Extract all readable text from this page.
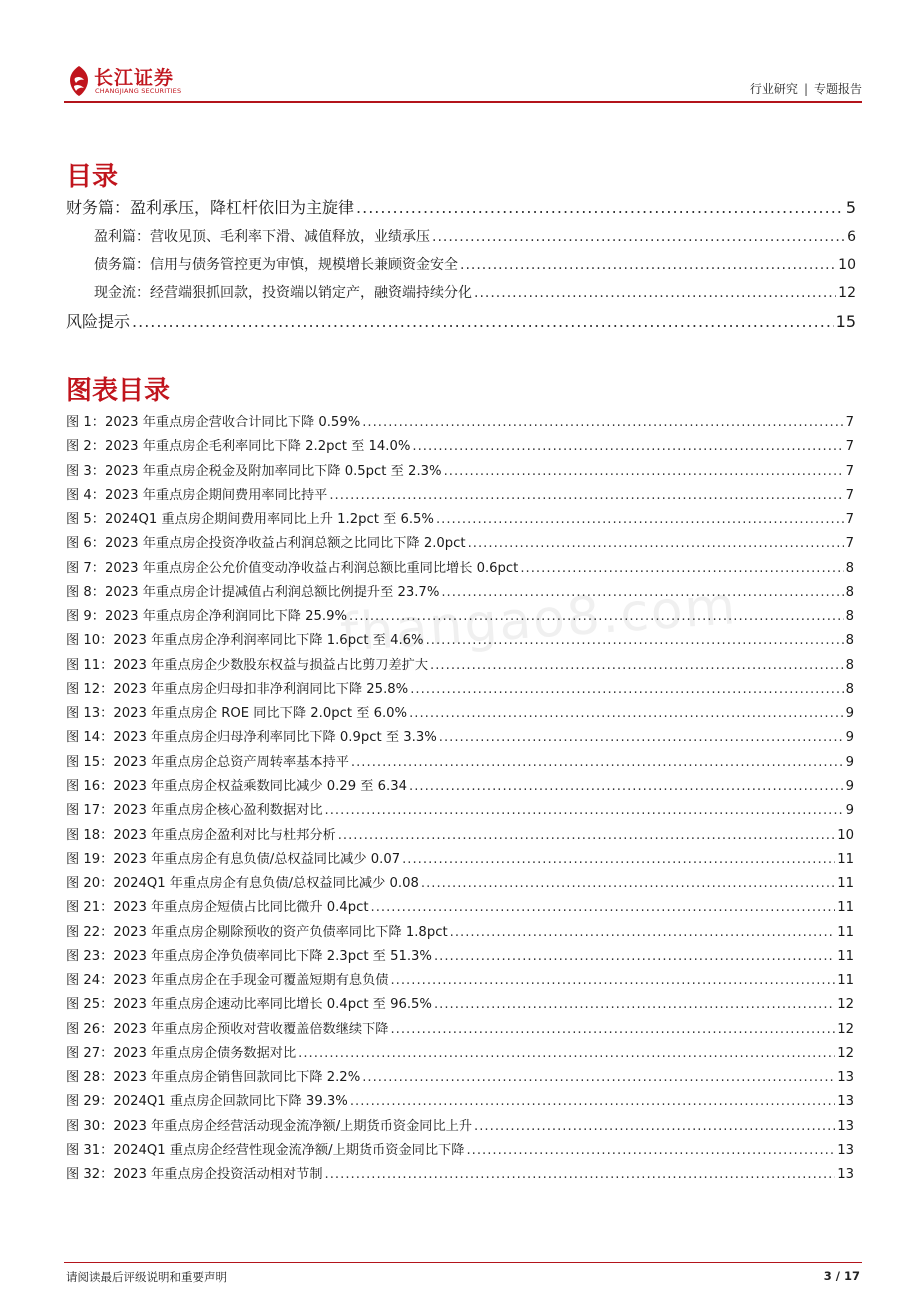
长江证券
CHANGJIANG SECURITIES	行业研究 | 专题报告
目录
财务篇：盈利承压，降杠杆依旧为主旋律 .....	5
盈利篇：营收见顶、毛利率下滑、减值释放，业绩承压 .....	6
债务篇：信用与债务管控更为审慎，规模增长兼顾资金安全 .....	10
现金流：经营端狠抓回款，投资端以销定产，融资端持续分化 .....	12
风险提示 .....	15
图表目录
图 1：2023 年重点房企营收合计同比下降 0.59% .....	7
图 2：2023 年重点房企毛利率同比下降 2.2pct 至 14.0% .....	7
图 3：2023 年重点房企税金及附加率同比下降 0.5pct 至 2.3% .....	7
图 4：2023 年重点房企期间费用率同比持平 .....	7
图 5：2024Q1 重点房企期间费用率同比上升 1.2pct 至 6.5% .....	7
图 6：2023 年重点房企投资净收益占利润总额之比同比下降 2.0pct .....	7
图 7：2023 年重点房企公允价值变动净收益占利润总额比重同比增长 0.6pct .....	8
图 8：2023 年重点房企计提减值占利润总额比例提升至 23.7% .....	8
图 9：2023 年重点房企净利润同比下降 25.9% .....	8
图 10：2023 年重点房企净利润率同比下降 1.6pct 至 4.6% .....	8
图 11：2023 年重点房企少数股东权益与损益占比剪刀差扩大 .....	8
图 12：2023 年重点房企归母扣非净利润同比下降 25.8% .....	8
图 13：2023 年重点房企 ROE 同比下降 2.0pct 至 6.0% .....	9
图 14：2023 年重点房企归母净利率同比下降 0.9pct 至 3.3% .....	9
图 15：2023 年重点房企总资产周转率基本持平 .....	9
图 16：2023 年重点房企权益乘数同比减少 0.29 至 6.34 .....	9
图 17：2023 年重点房企核心盈利数据对比 .....	9
图 18：2023 年重点房企盈利对比与杜邦分析 .....	10
图 19：2023 年重点房企有息负债/总权益同比减少 0.07 .....	11
图 20：2024Q1 年重点房企有息负债/总权益同比减少 0.08 .....	11
图 21：2023 年重点房企短债占比同比微升 0.4pct .....	11
图 22：2023 年重点房企剔除预收的资产负债率同比下降 1.8pct .....	11
图 23：2023 年重点房企净负债率同比下降 2.3pct 至 51.3% .....	11
图 24：2023 年重点房企在手现金可覆盖短期有息负债 .....	11
图 25：2023 年重点房企速动比率同比增长 0.4pct 至 96.5% .....	12
图 26：2023 年重点房企预收对营收覆盖倍数继续下降 .....	12
图 27：2023 年重点房企债务数据对比 .....	12
图 28：2023 年重点房企销售回款同比下降 2.2% .....	13
图 29：2024Q1 重点房企回款同比下降 39.3% .....	13
图 30：2023 年重点房企经营活动现金流净额/上期货币资金同比上升 .....	13
图 31：2024Q1 重点房企经营性现金流净额/上期货币资金同比下降 .....	13
图 32：2023 年重点房企投资活动相对节制 .....	13
fhangao8.com
请阅读最后评级说明和重要声明	3 / 17
